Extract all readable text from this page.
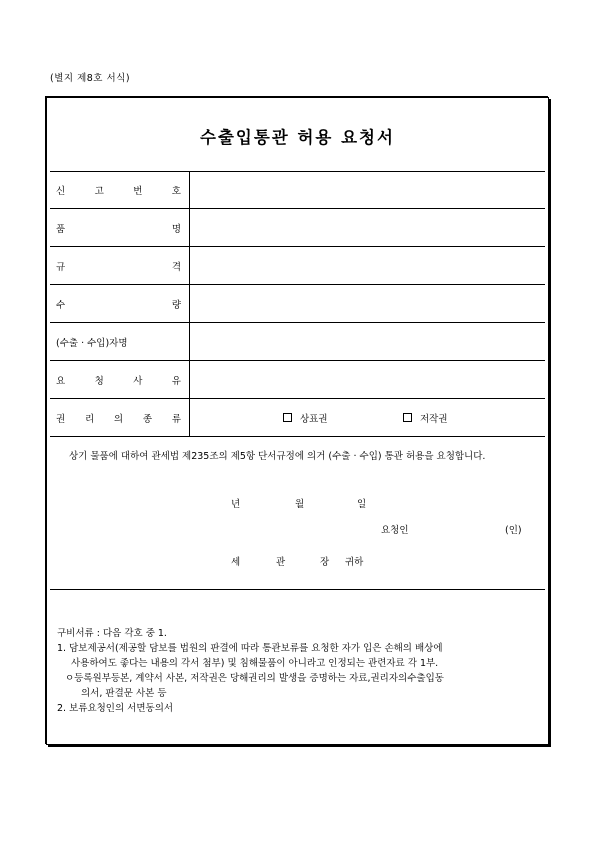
(별지 제8호 서식)
수출입통관 허용 요청서
신	고	번	호
품	명
규	격
수	량
(수출 · 수입)자명
요	청	사	유
권 리 의 종 류	상표권	저작권
상기 물품에 대하여 관세법 제235조의 제5항 단서규정에 의거 (수출 · 수입) 통관 허용을 요청합니다.
년	월	일
요청인	(인)
세	관	장 귀하
구비서류 : 다음 각호 중 1.
1. 담보제공서(제공할 담보를 법원의 판결에 따라 통관보류를 요청한 자가 입은 손해의 배상에
사용하여도 좋다는 내용의 각서 첨부) 및 침해물품이 아니라고 인정되는 관련자료 각 1부.
ㅇ등록원부등본, 계약서 사본, 저작권은 당해권리의 발생을 증명하는 자료,권리자의수출입동
의서, 판결문 사본 등
2. 보류요청인의 서면동의서
